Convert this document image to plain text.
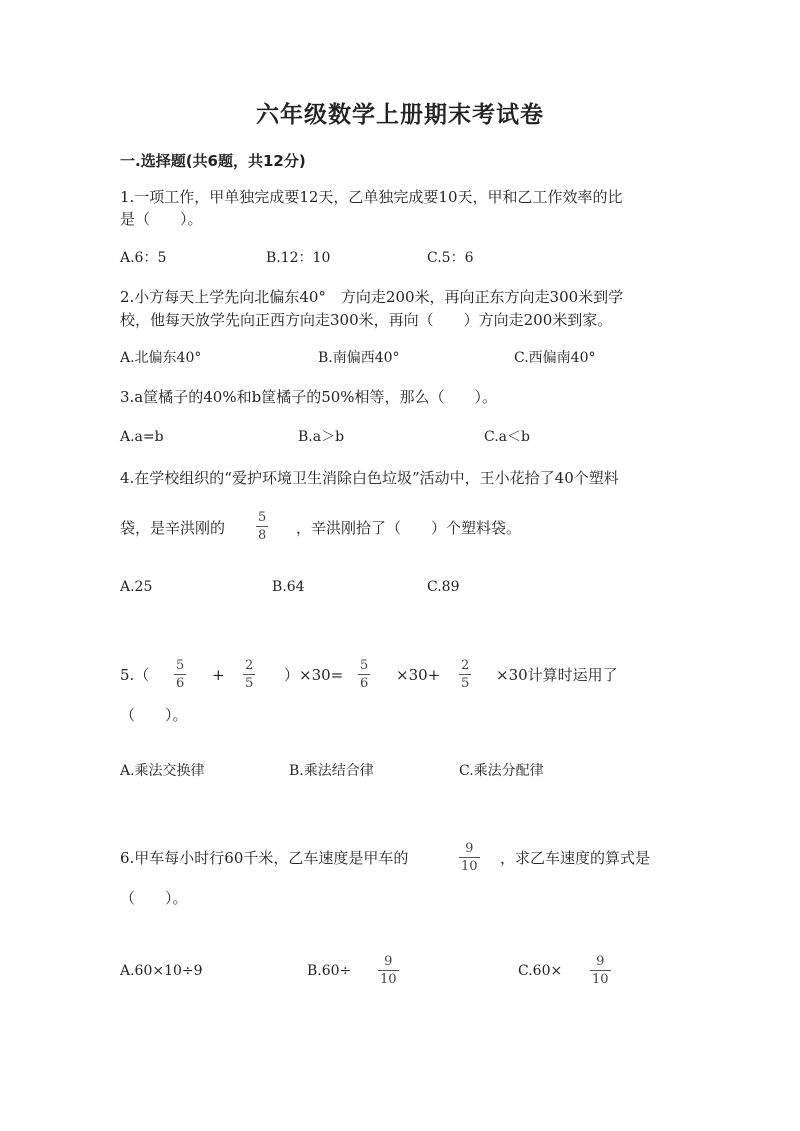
六年级数学上册期末考试卷
一.选择题(共6题，共12分)
1.一项工作，甲单独完成要12天，乙单独完成要10天，甲和乙工作效率的比
是（　　）。
A.6：5	B.12：10	C.5：6
2.小方每天上学先向北偏东40°　方向走200米，再向正东方向走300米到学
校，他每天放学先向正西方向走300米，再向（　　）方向走200米到家。
A.北偏东40°	B.南偏西40°	C.西偏南40°
3.a筐橘子的40%和b筐橘子的50%相等，那么（　　）。
A.a=b	B.a＞b	C.a＜b
4.在学校组织的“爱护环境卫生消除白色垃圾”活动中，王小花拾了40个塑料
袋，是辛洪刚的
5
8 ，辛洪刚拾了（　　）个塑料袋。
A.25	B.64	C.89
5.（
5
6 +
2
5 ）×30=
5
6 ×30+
2
5 ×30计算时运用了
（　　）。
A.乘法交换律	B.乘法结合律	C.乘法分配律
6.甲车每小时行60千米，乙车速度是甲车的
9
10 ，求乙车速度的算式是
（　　）。
A.60×10÷9	B.60÷
9
10
C.60×
9
10
